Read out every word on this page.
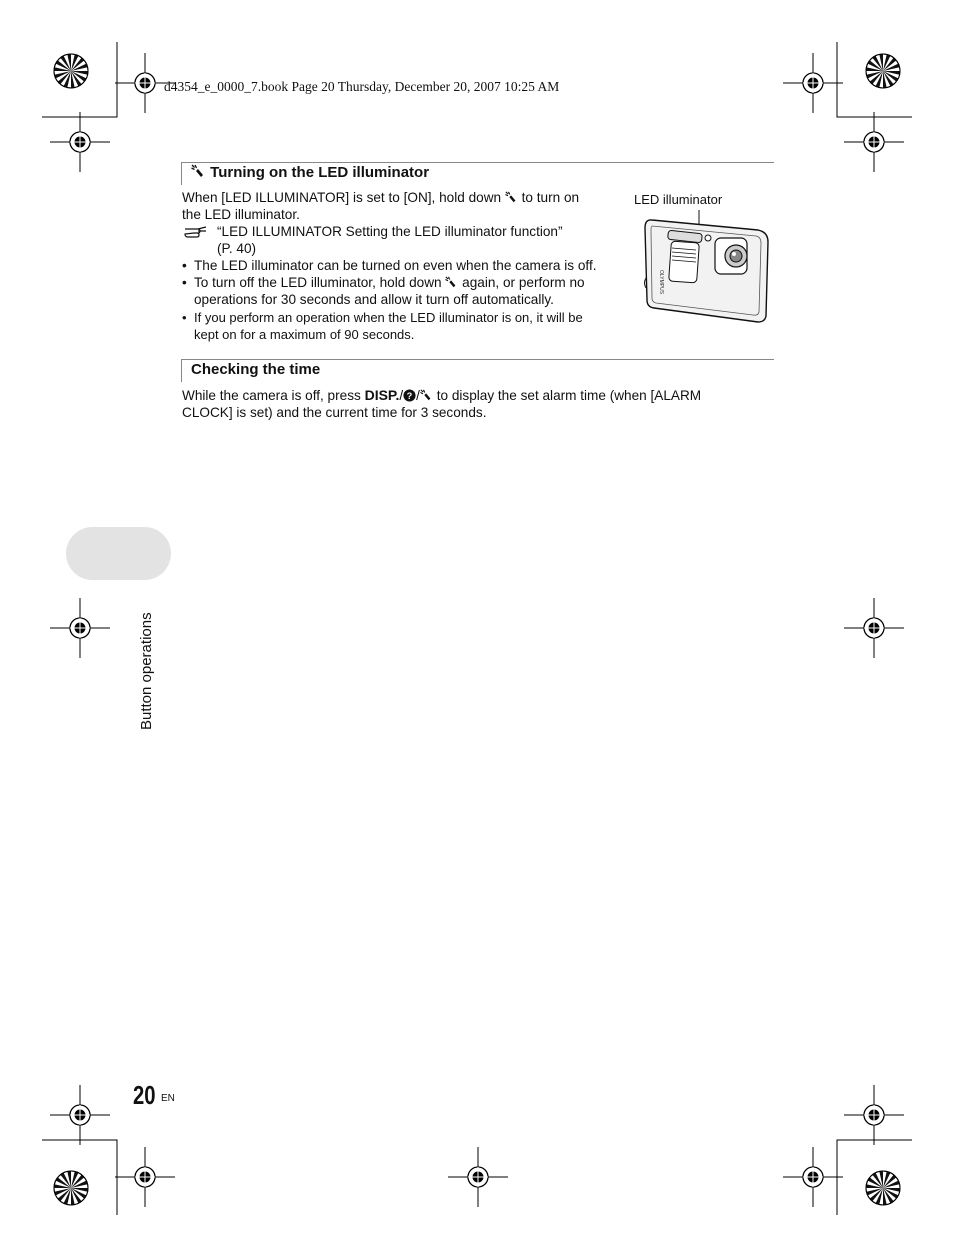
d4354_e_0000_7.book Page 20 Thursday, December 20, 2007 10:25 AM
Turning on the LED illuminator
When [LED ILLUMINATOR] is set to [ON], hold down to turn on
the LED illuminator.
“LED ILLUMINATOR Setting the LED illuminator function”
(P. 40)
• The LED illuminator can be turned on even when the camera is off.
• To turn off the LED illuminator, hold down again, or perform no
operations for 30 seconds and allow it turn off automatically.
• If you perform an operation when the LED illuminator is on, it will be
kept on for a maximum of 90 seconds.
LED illuminator
OLYMPUS
Checking the time
While the camera is off, press DISP./ ? / to display the set alarm time (when [ALARM
CLOCK] is set) and the current time for 3 seconds.
Button operations
20 EN
